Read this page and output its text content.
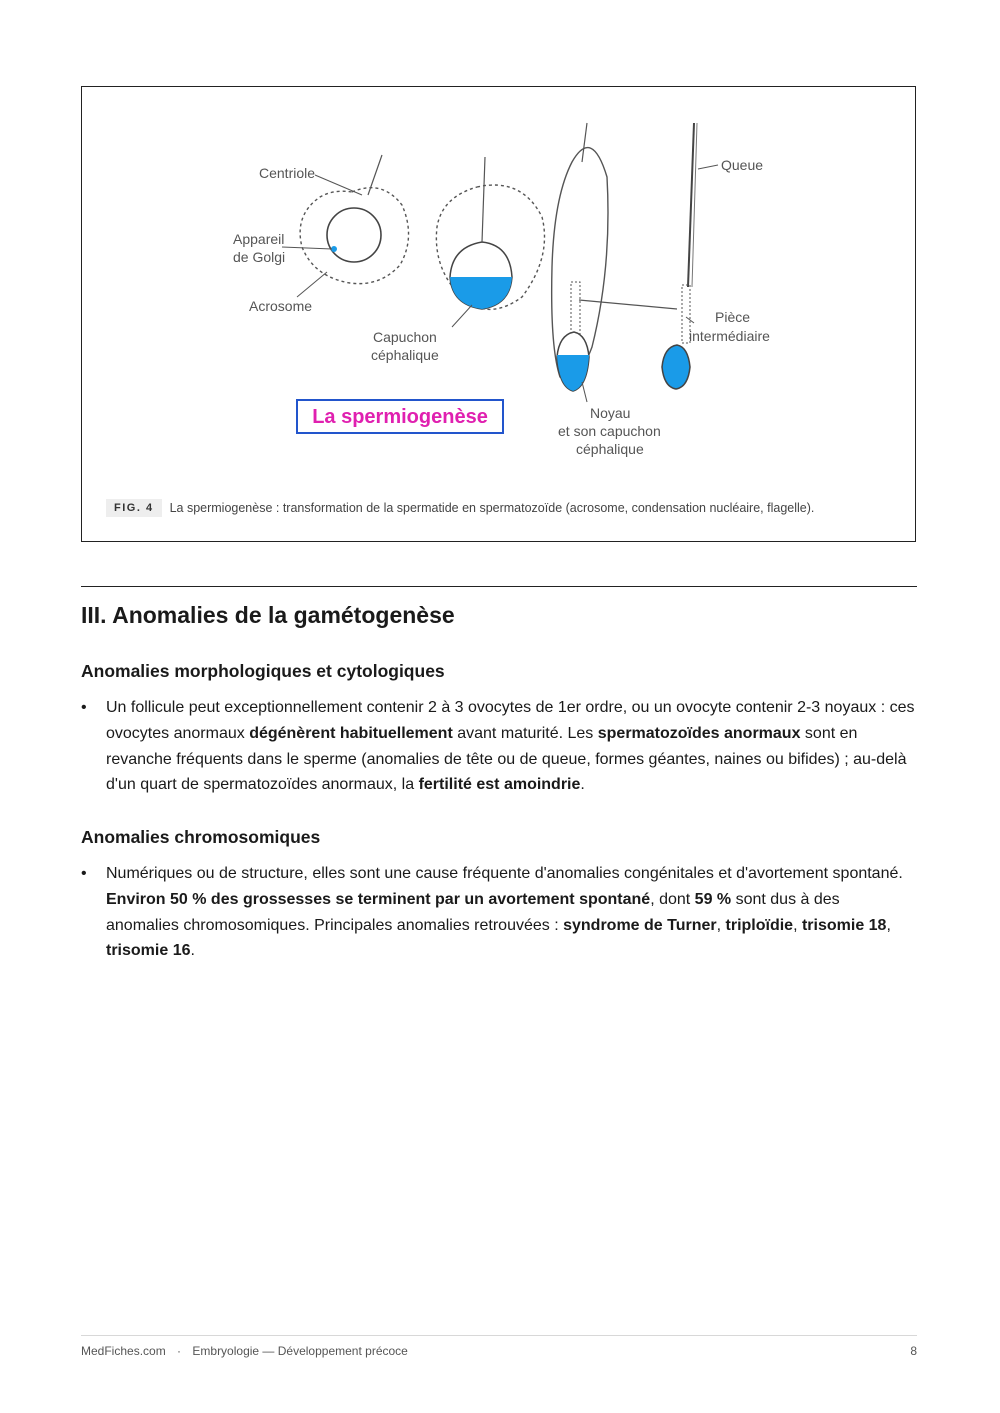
Centriole
Appareil
de Golgi
Acrosome
Capuchon
céphalique
Queue
Pièce
intermédiaire
Noyau
et son capuchon
céphalique
La spermiogenèse
FIG. 4	La spermiogenèse : transformation de la spermatide en spermatozoïde (acrosome, condensation nucléaire, flagelle).
III. Anomalies de la gamétogenèse
Anomalies morphologiques et cytologiques
• Un follicule peut exceptionnellement contenir 2 à 3 ovocytes de 1er ordre, ou un ovocyte contenir 2-3 noyaux : ces ovocytes anormaux dégénèrent habituellement avant maturité. Les spermatozoïdes anormaux sont en revanche fréquents dans le sperme (anomalies de tête ou de queue, formes géantes, naines ou bifides) ; au-delà d'un quart de spermatozoïdes anormaux, la fertilité est amoindrie.
Anomalies chromosomiques
• Numériques ou de structure, elles sont une cause fréquente d'anomalies congénitales et d'avortement spontané. Environ 50 % des grossesses se terminent par un avortement spontané, dont 59 % sont dus à des anomalies chromosomiques. Principales anomalies retrouvées : syndrome de Turner, triploïdie, trisomie 18, trisomie 16.
MedFiches.com · Embryologie — Développement précoce	8
